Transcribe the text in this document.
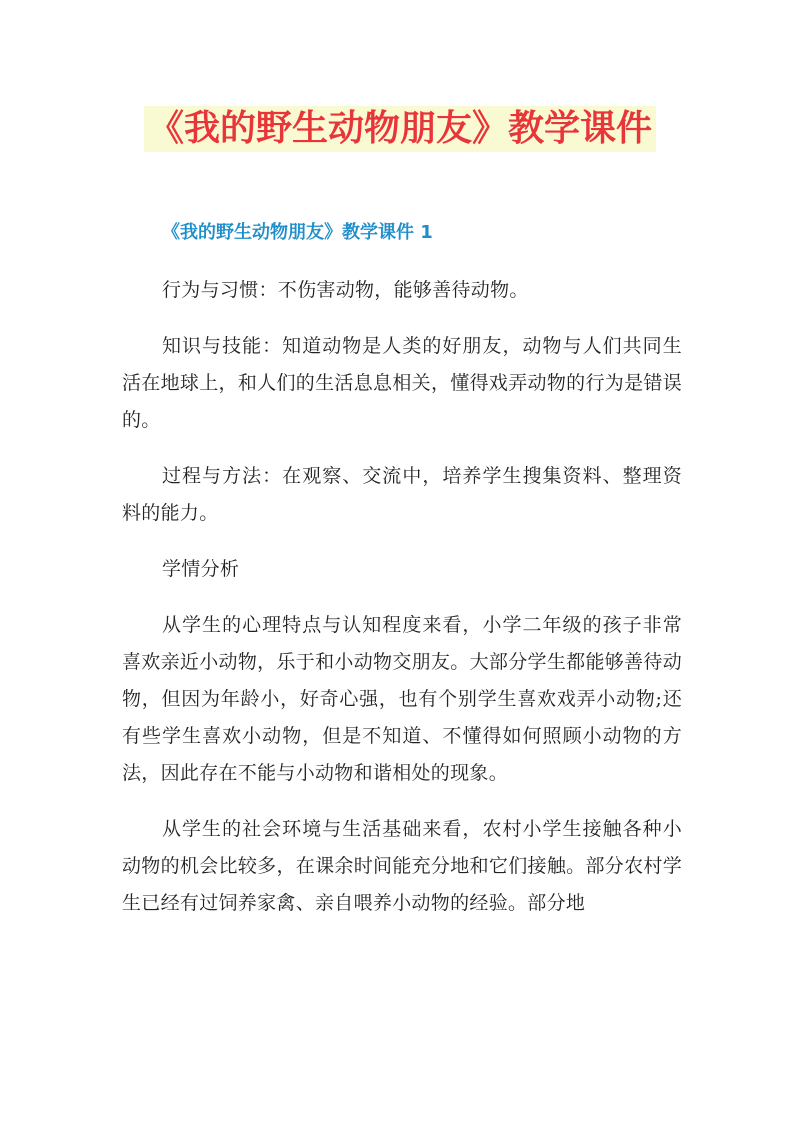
《我的野生动物朋友》教学课件
《我的野生动物朋友》教学课件 1

行为与习惯：不伤害动物，能够善待动物。

知识与技能：知道动物是人类的好朋友，动物与人们共同生活在地球上，和人们的生活息息相关，懂得戏弄动物的行为是错误的。

过程与方法：在观察、交流中，培养学生搜集资料、整理资料的能力。

学情分析

从学生的心理特点与认知程度来看，小学二年级的孩子非常喜欢亲近小动物，乐于和小动物交朋友。大部分学生都能够善待动物，但因为年龄小，好奇心强，也有个别学生喜欢戏弄小动物;还有些学生喜欢小动物，但是不知道、不懂得如何照顾小动物的方法，因此存在不能与小动物和谐相处的现象。

从学生的社会环境与生活基础来看，农村小学生接触各种小动物的机会比较多，在课余时间能充分地和它们接触。部分农村学生已经有过饲养家禽、亲自喂养小动物的经验。部分地
